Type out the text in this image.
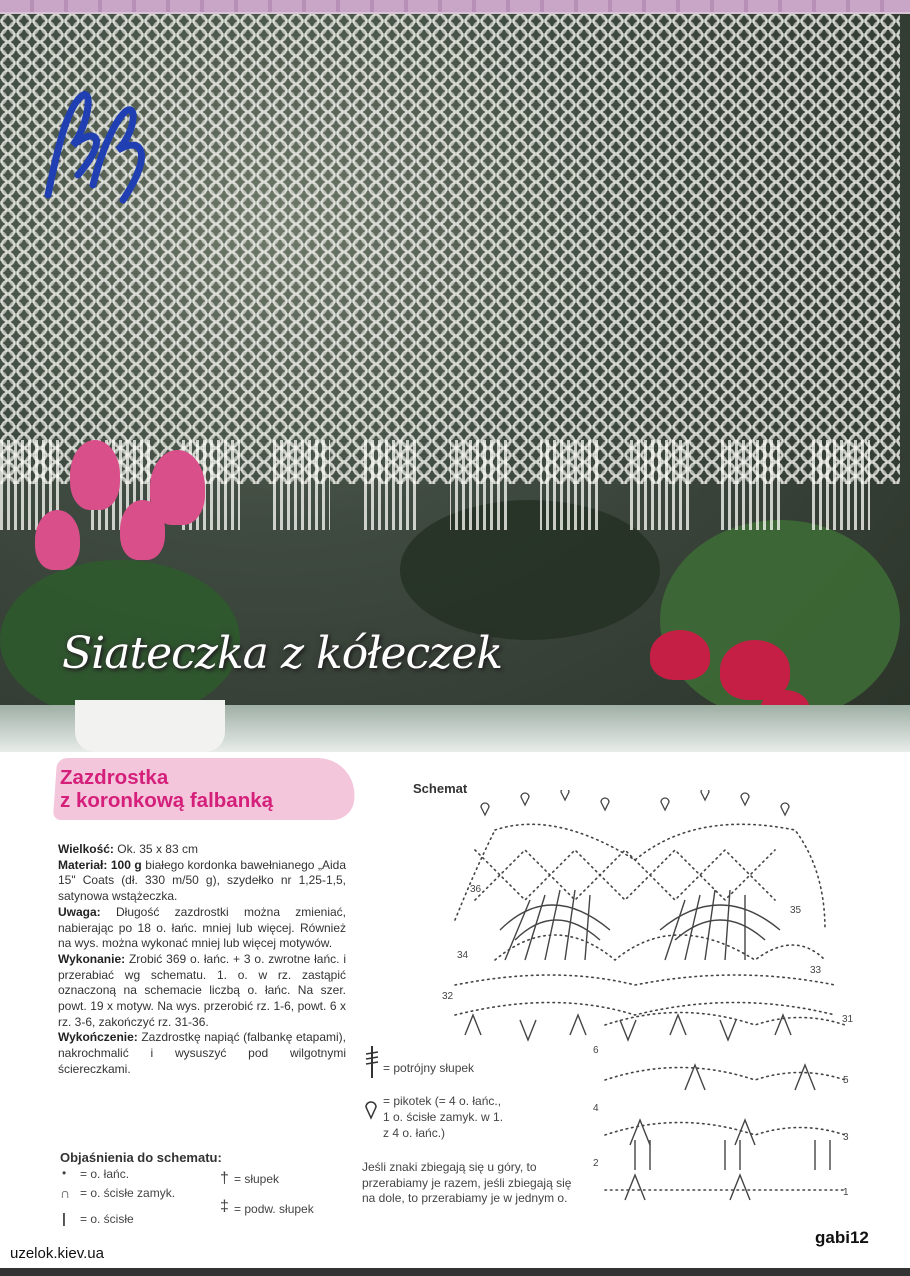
Siateczka z kółeczek
Zazdrostka
z koronkową falbanką

Wielkość: Ok. 35 x 83 cm

Materiał: 100 g białego kordonka bawełnianego „Aida 15" Coats (dł. 330 m/50 g), szydełko nr 1,25-1,5, satynowa wstążeczka.

Uwaga: Długość zazdrostki można zmieniać, nabierając po 18 o. łańc. mniej lub więcej. Również na wys. można wykonać mniej lub więcej motywów.

Wykonanie: Zrobić 369 o. łańc. + 3 o. zwrotne łańc. i przerabiać wg schematu. 1. o. w rz. zastąpić oznaczoną na schemacie liczbą o. łańc. Na szer. powt. 19 x motyw. Na wys. przerobić rz. 1-6, powt. 6 x rz. 3-6, zakończyć rz. 31-36.

Wykończenie: Zazdrostkę napiąć (falbankę etapami), nakrochmalić i wysuszyć pod wilgotnymi ściereczkami.

Objaśnienia do schematu:
• = o. łańc.
∩ = o. ścisłe zamyk.
| = o. ścisłe
† = słupek
‡ = podw. słupek
= potrójny słupek
= pikotek (= 4 o. łańc.,
1 o. ścisłe zamyk. w 1.
z 4 o. łańc.)
Jeśli znaki zbiegają się u góry, to przerabiamy je razem, jeśli zbiegają się na dole, to przerabiamy je w jednym o.
Schemat
36
35
34
33
32
31
6
5
4
3
2
1
uzelok.kiev.ua
gabi12
